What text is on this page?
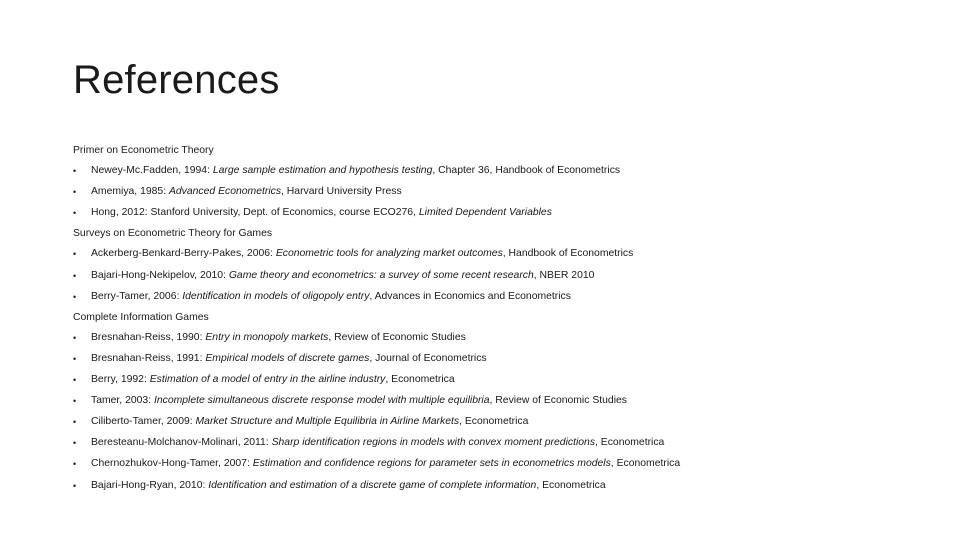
References
Primer on Econometric Theory
•
Newey-Mc.Fadden, 1994: Large sample estimation and hypothesis testing, Chapter 36, Handbook of Econometrics
•
Amemiya, 1985: Advanced Econometrics, Harvard University Press
•
Hong, 2012: Stanford University, Dept. of Economics, course ECO276, Limited Dependent Variables
Surveys on Econometric Theory for Games
•
Ackerberg-Benkard-Berry-Pakes, 2006: Econometric tools for analyzing market outcomes, Handbook of Econometrics
•
Bajari-Hong-Nekipelov, 2010: Game theory and econometrics: a survey of some recent research, NBER 2010
•
Berry-Tamer, 2006: Identification in models of oligopoly entry, Advances in Economics and Econometrics
Complete Information Games
•
Bresnahan-Reiss, 1990: Entry in monopoly markets, Review of Economic Studies
•
Bresnahan-Reiss, 1991: Empirical models of discrete games, Journal of Econometrics
•
Berry, 1992: Estimation of a model of entry in the airline industry, Econometrica
•
Tamer, 2003: Incomplete simultaneous discrete response model with multiple equilibria, Review of Economic Studies
•
Ciliberto-Tamer, 2009: Market Structure and Multiple Equilibria in Airline Markets, Econometrica
•
Beresteanu-Molchanov-Molinari, 2011: Sharp identification regions in models with convex moment predictions, Econometrica
•
Chernozhukov-Hong-Tamer, 2007: Estimation and confidence regions for parameter sets in econometrics models, Econometrica
•
Bajari-Hong-Ryan, 2010: Identification and estimation of a discrete game of complete information, Econometrica
